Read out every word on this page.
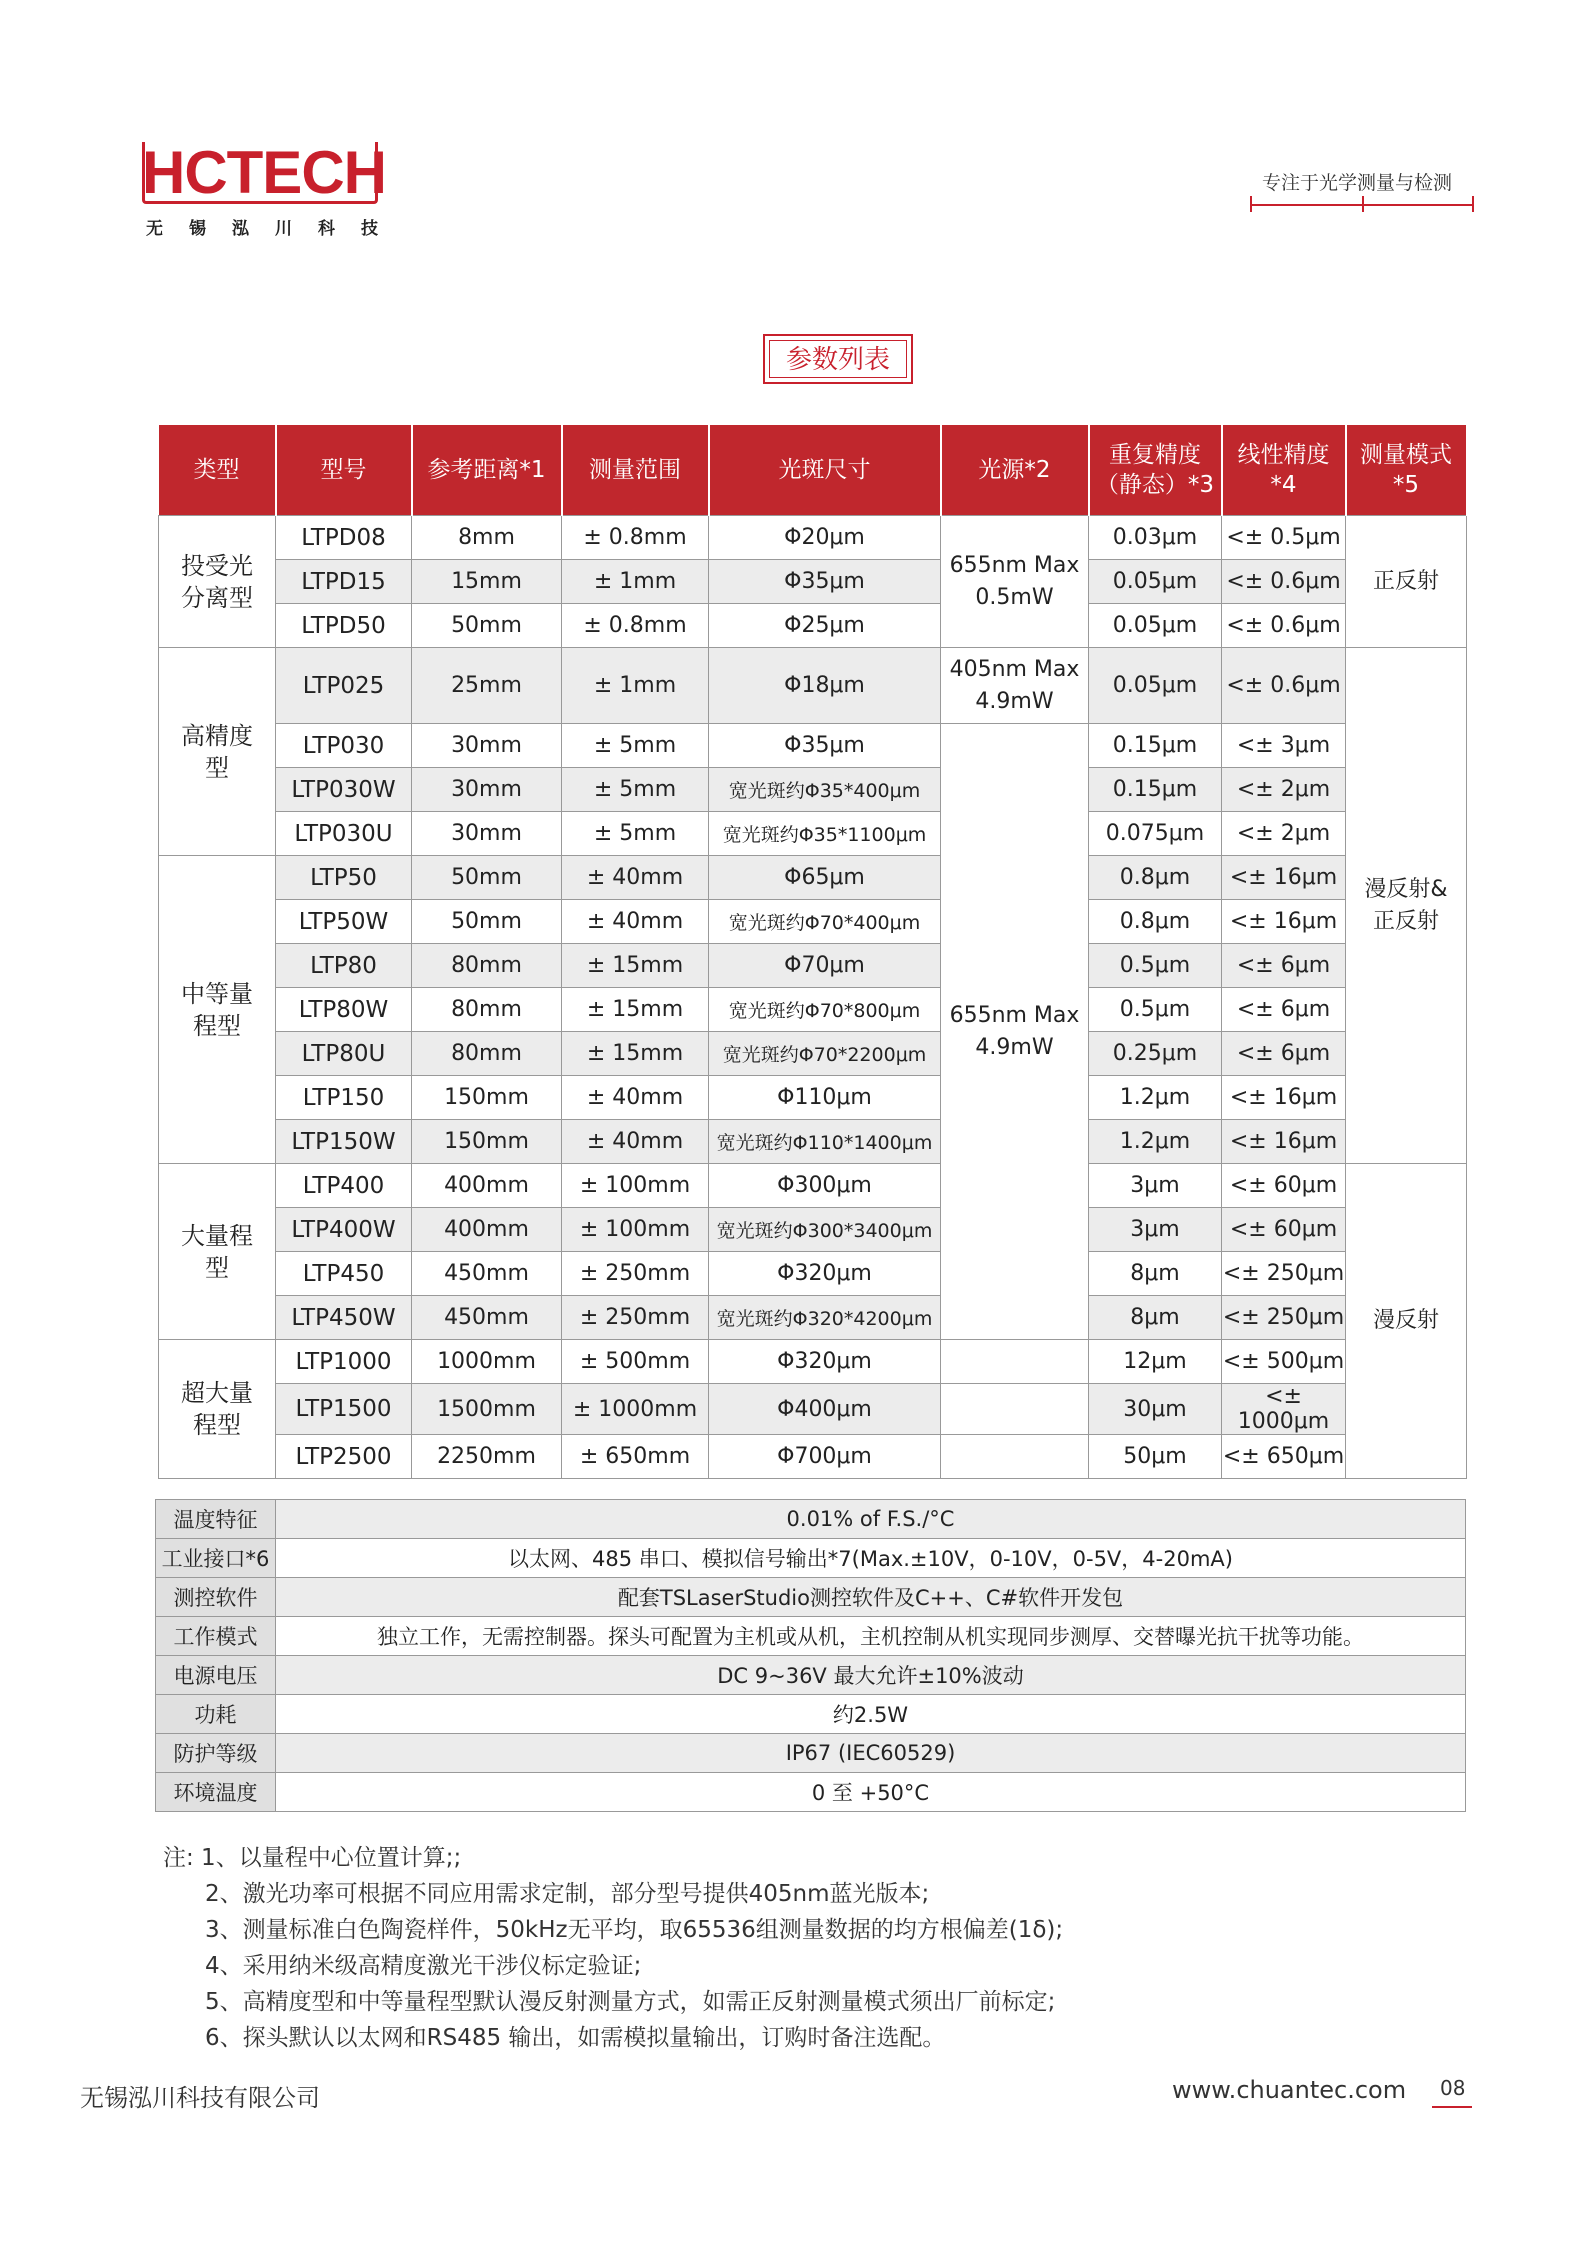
HCTECH
无锡泓川科技
专注于光学测量与检测
参数列表
类型	型号	参考距离*1	测量范围	光斑尺寸	光源*2	重复精度（静态）*3	线性精度 *4	测量模式 *5
投受光分离型	LTPD08	8mm	± 0.8mm	Φ20μm	655nm Max 0.5mW	0.03μm	<± 0.5μm	正反射
	LTPD15	15mm	± 1mm	Φ35μm		0.05μm	<± 0.6μm	
	LTPD50	50mm	± 0.8mm	Φ25μm		0.05μm	<± 0.6μm	
高精度型	LTP025	25mm	± 1mm	Φ18μm	405nm Max 4.9mW	0.05μm	<± 0.6μm	漫反射& 正反射
	LTP030	30mm	± 5mm	Φ35μm	655nm Max 4.9mW	0.15μm	<± 3μm	
	LTP030W	30mm	± 5mm	宽光斑约Φ35*400μm		0.15μm	<± 2μm	
	LTP030U	30mm	± 5mm	宽光斑约Φ35*1100μm		0.075μm	<± 2μm	
中等量程型	LTP50	50mm	± 40mm	Φ65μm		0.8μm	<± 16μm	
	LTP50W	50mm	± 40mm	宽光斑约Φ70*400μm		0.8μm	<± 16μm	
	LTP80	80mm	± 15mm	Φ70μm		0.5μm	<± 6μm	
	LTP80W	80mm	± 15mm	宽光斑约Φ70*800μm		0.5μm	<± 6μm	
	LTP80U	80mm	± 15mm	宽光斑约Φ70*2200μm		0.25μm	<± 6μm	
	LTP150	150mm	± 40mm	Φ110μm		1.2μm	<± 16μm	
	LTP150W	150mm	± 40mm	宽光斑约Φ110*1400μm		1.2μm	<± 16μm	
大量程型	LTP400	400mm	± 100mm	Φ300μm		3μm	<± 60μm	漫反射
	LTP400W	400mm	± 100mm	宽光斑约Φ300*3400μm		3μm	<± 60μm	
	LTP450	450mm	± 250mm	Φ320μm		8μm	<± 250μm	
	LTP450W	450mm	± 250mm	宽光斑约Φ320*4200μm		8μm	<± 250μm	
超大量程型	LTP1000	1000mm	± 500mm	Φ320μm		12μm	<± 500μm	
	LTP1500	1500mm	± 1000mm	Φ400μm		30μm	<± 1000μm	
	LTP2500	2250mm	± 650mm	Φ700μm		50μm	<± 650μm	
温度特征	0.01% of F.S./°C
工业接口*6	以太网、485 串口、模拟信号输出*7(Max.±10V，0-10V，0-5V，4-20mA)
测控软件	配套TSLaserStudio测控软件及C++、C#软件开发包
工作模式	独立工作，无需控制器。探头可配置为主机或从机，主机控制从机实现同步测厚、交替曝光抗干扰等功能。
电源电压	DC 9~36V 最大允许±10%波动
功耗	约2.5W
防护等级	IP67 (IEC60529)
环境温度	0 至 +50°C
注: 1、以量程中心位置计算;;
2、激光功率可根据不同应用需求定制，部分型号提供405nm蓝光版本;
3、测量标准白色陶瓷样件，50kHz无平均，取65536组测量数据的均方根偏差(1δ);
4、采用纳米级高精度激光干涉仪标定验证;
5、高精度型和中等量程型默认漫反射测量方式，如需正反射测量模式须出厂前标定;
6、探头默认以太网和RS485 输出，如需模拟量输出，订购时备注选配。
无锡泓川科技有限公司	www.chuantec.com 08
